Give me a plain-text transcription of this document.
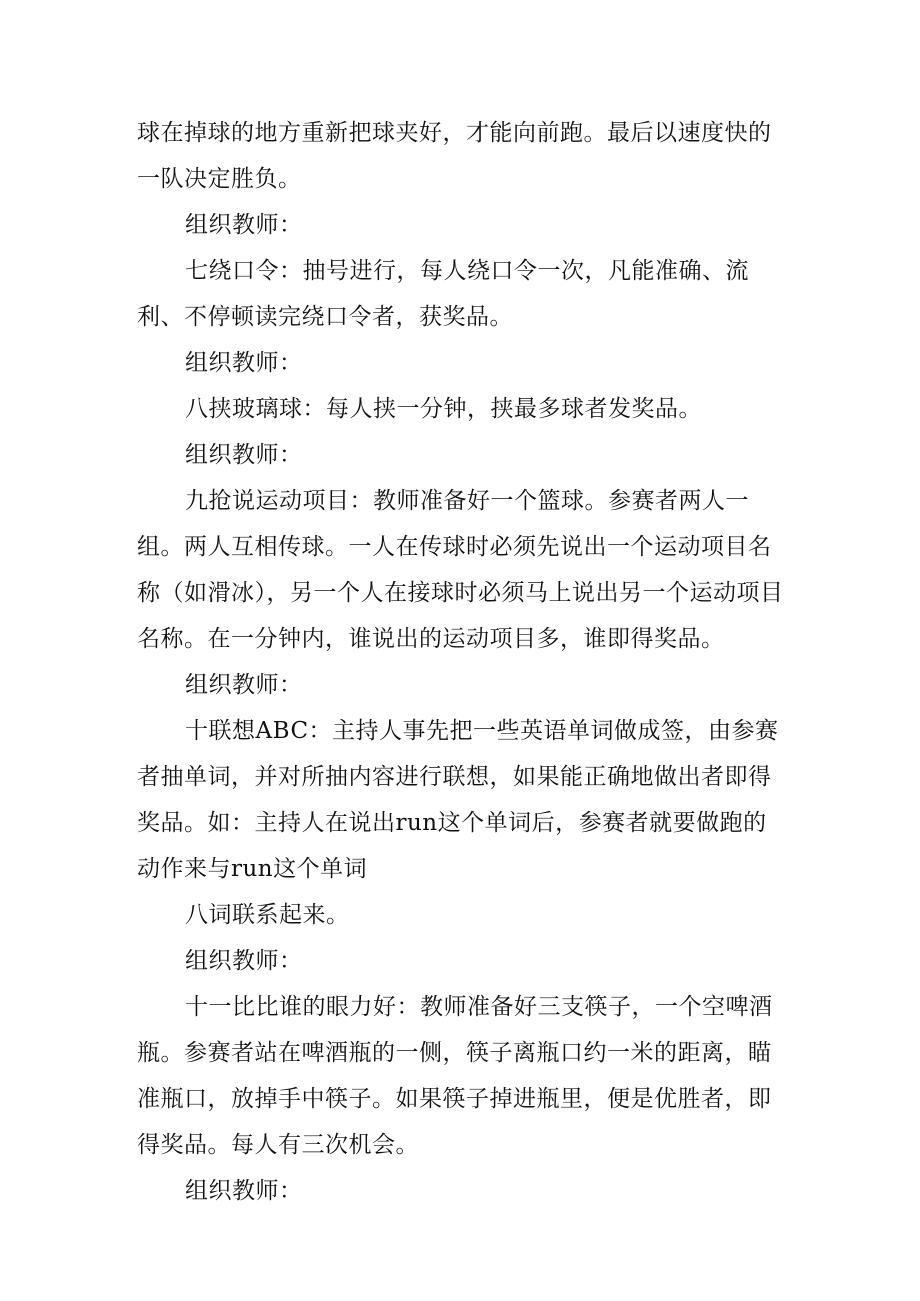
球在掉球的地方重新把球夹好，才能向前跑。最后以速度快的一队决定胜负。

组织教师：

七绕口令：抽号进行，每人绕口令一次，凡能准确、流利、不停顿读完绕口令者，获奖品。

组织教师：

八挟玻璃球：每人挟一分钟，挟最多球者发奖品。

组织教师：

九抢说运动项目：教师准备好一个篮球。参赛者两人一组。两人互相传球。一人在传球时必须先说出一个运动项目名称（如滑冰），另一个人在接球时必须马上说出另一个运动项目名称。在一分钟内，谁说出的运动项目多，谁即得奖品。

组织教师：

十联想ABC：主持人事先把一些英语单词做成签，由参赛者抽单词，并对所抽内容进行联想，如果能正确地做出者即得奖品。如：主持人在说出run这个单词后，参赛者就要做跑的动作来与run这个单词

八词联系起来。

组织教师：

十一比比谁的眼力好：教师准备好三支筷子，一个空啤酒瓶。参赛者站在啤酒瓶的一侧，筷子离瓶口约一米的距离，瞄准瓶口，放掉手中筷子。如果筷子掉进瓶里，便是优胜者，即得奖品。每人有三次机会。

组织教师：
